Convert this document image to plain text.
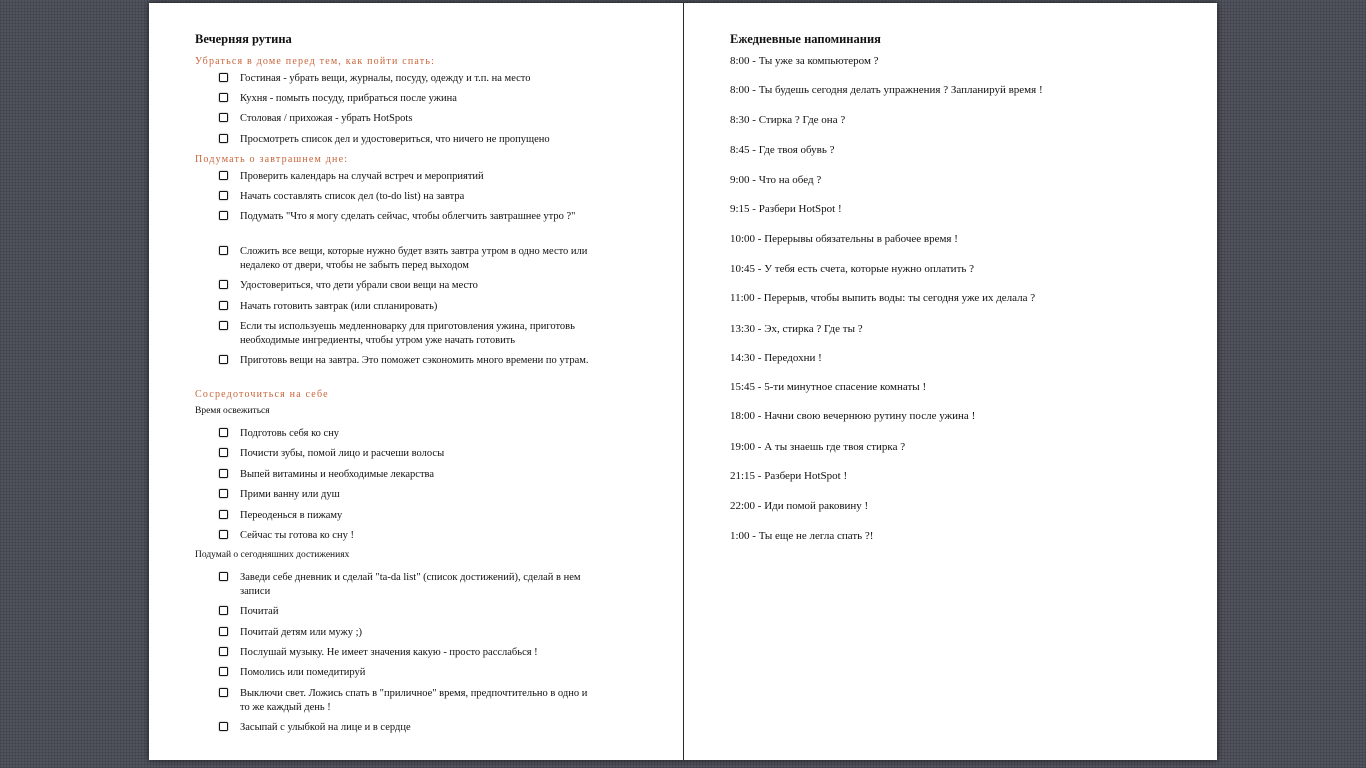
Вечерняя рутина
Убраться в доме перед тем, как пойти спать:
Гостиная - убрать вещи, журналы, посуду, одежду и т.п. на место
Кухня - помыть посуду, прибраться после ужина
Столовая / прихожая - убрать HotSpots
Просмотреть список дел и удостовериться, что ничего не пропущено
Подумать о завтрашнем дне:
Проверить календарь на случай встреч и мероприятий
Начать составлять список дел (to-do list) на завтра
Подумать "Что я могу сделать сейчас, чтобы облегчить завтрашнее утро ?"
Сложить все вещи, которые нужно будет взять завтра утром в одно место или недалеко от двери, чтобы не забыть перед выходом
Удостовериться, что дети убрали свои вещи на место
Начать готовить завтрак (или спланировать)
Если ты используешь медленноварку для приготовления ужина, приготовь необходимые ингредиенты, чтобы утром уже начать готовить
Приготовь вещи на завтра. Это поможет сэкономить много времени по утрам.
Сосредоточиться на себе
Время освежиться
Подготовь себя ко сну
Почисти зубы, помой лицо и расчеши волосы
Выпей витамины и необходимые лекарства
Прими ванну или душ
Переоденься в пижаму
Сейчас ты готова ко сну !
Подумай о сегодняшних достижениях
Заведи себе дневник и сделай "ta-da list" (список достижений), сделай в нем записи
Почитай
Почитай детям или мужу ;)
Послушай музыку. Не имеет значения какую - просто расслабься !
Помолись или помедитируй
Выключи свет. Ложись спать в "приличное" время, предпочтительно в одно и то же каждый день !
Засыпай с улыбкой на лице и в сердце
Ежедневные напоминания
8:00 - Ты уже за компьютером ?
8:00 - Ты будешь сегодня делать упражнения ? Запланируй время !
8:30 - Стирка ? Где она ?
8:45 - Где твоя обувь ?
9:00 - Что на обед ?
9:15 - Разбери HotSpot !
10:00 - Перерывы обязательны в рабочее время !
10:45 - У тебя есть счета, которые нужно оплатить ?
11:00 - Перерыв, чтобы выпить воды: ты сегодня уже их делала ?
13:30 - Эх, стирка ? Где ты ?
14:30 - Передохни !
15:45 - 5-ти минутное спасение комнаты !
18:00 - Начни свою вечернюю рутину после ужина !
19:00 - А ты знаешь где твоя стирка ?
21:15 - Разбери HotSpot !
22:00 - Иди помой раковину !
1:00 - Ты еще не легла спать ?!
